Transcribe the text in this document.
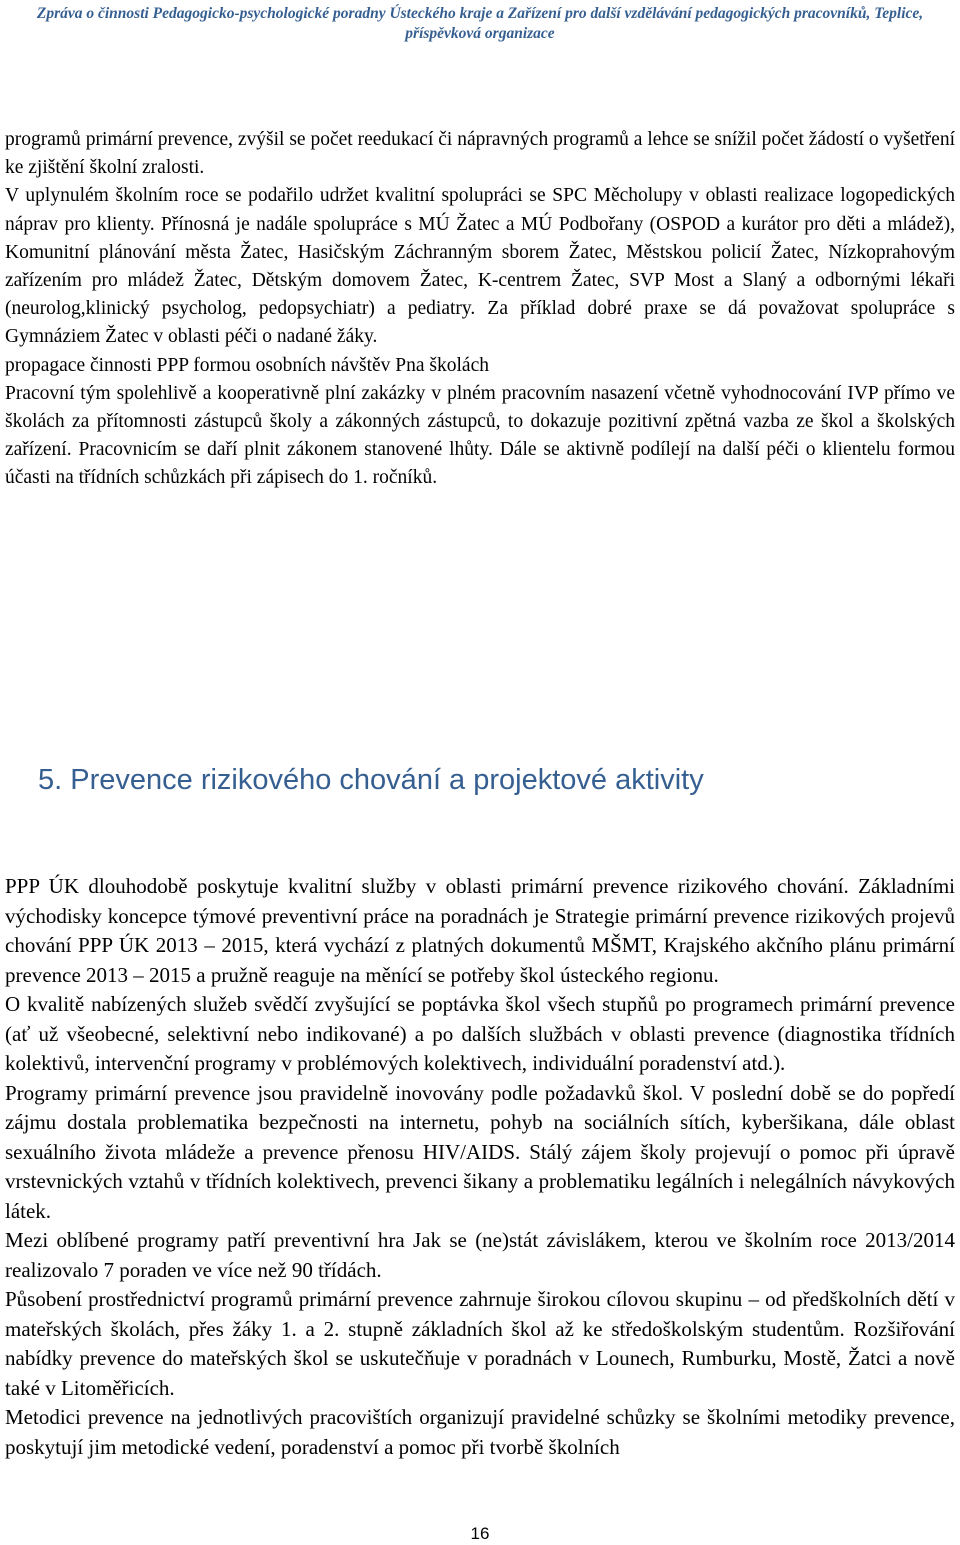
Zpráva o činnosti Pedagogicko-psychologické poradny Ústeckého kraje a Zařízení pro další vzdělávání pedagogických pracovníků, Teplice,
příspěvková organizace

programů primární prevence, zvýšil se počet reedukací či nápravných programů a lehce se snížil počet žádostí o vyšetření ke zjištění školní zralosti.

V uplynulém školním roce se podařilo udržet kvalitní spolupráci se SPC Měcholupy v oblasti realizace logopedických náprav pro klienty. Přínosná je nadále spolupráce s MÚ Žatec a MÚ Podbořany (OSPOD a kurátor pro děti a mládež), Komunitní plánování města Žatec, Hasičským Záchranným sborem Žatec, Městskou policií Žatec, Nízkoprahovým zařízením pro mládež Žatec, Dětským domovem Žatec, K-centrem Žatec, SVP Most a Slaný a odbornými lékaři (neurolog,klinický psycholog, pedopsychiatr) a pediatry. Za příklad dobré praxe se dá považovat spolupráce s Gymnáziem Žatec v oblasti péči o nadané žáky.

propagace činnosti PPP formou osobních návštěv Pna školách

Pracovní tým spolehlivě a kooperativně plní zakázky v plném pracovním nasazení včetně vyhodnocování IVP přímo ve školách za přítomnosti zástupců školy a zákonných zástupců, to dokazuje pozitivní zpětná vazba ze škol a školských zařízení. Pracovnicím se daří plnit zákonem stanovené lhůty. Dále se aktivně podílejí na další péči o klientelu formou účasti na třídních schůzkách při zápisech do 1. ročníků.

5. Prevence rizikového chování a projektové aktivity

PPP ÚK dlouhodobě poskytuje kvalitní služby v oblasti primární prevence rizikového chování. Základními východisky koncepce týmové preventivní práce na poradnách je Strategie primární prevence rizikových projevů chování PPP ÚK 2013 – 2015, která vychází z platných dokumentů MŠMT, Krajského akčního plánu primární prevence 2013 – 2015 a pružně reaguje na měnící se potřeby škol ústeckého regionu.

O kvalitě nabízených služeb svědčí zvyšující se poptávka škol všech stupňů po programech primární prevence (ať už všeobecné, selektivní nebo indikované) a po dalších službách v oblasti prevence (diagnostika třídních kolektivů, intervenční programy v problémových kolektivech, individuální poradenství atd.).

Programy primární prevence jsou pravidelně inovovány podle požadavků škol. V poslední době se do popředí zájmu dostala problematika bezpečnosti na internetu, pohyb na sociálních sítích, kyberšikana, dále oblast sexuálního života mládeže a prevence přenosu HIV/AIDS. Stálý zájem školy projevují o pomoc při úpravě vrstevnických vztahů v třídních kolektivech, prevenci šikany a problematiku legálních i nelegálních návykových látek.

Mezi oblíbené programy patří preventivní hra Jak se (ne)stát závislákem, kterou ve školním roce 2013/2014 realizovalo 7 poraden ve více než 90 třídách.

Působení prostřednictví programů primární prevence zahrnuje širokou cílovou skupinu – od předškolních dětí v mateřských školách, přes žáky 1. a 2. stupně základních škol až ke středoškolským studentům. Rozšiřování nabídky prevence do mateřských škol se uskutečňuje v poradnách v Lounech, Rumburku, Mostě, Žatci a nově také v Litoměřicích.

Metodici prevence na jednotlivých pracovištích organizují pravidelné schůzky se školními metodiky prevence, poskytují jim metodické vedení, poradenství a pomoc při tvorbě školních

16
